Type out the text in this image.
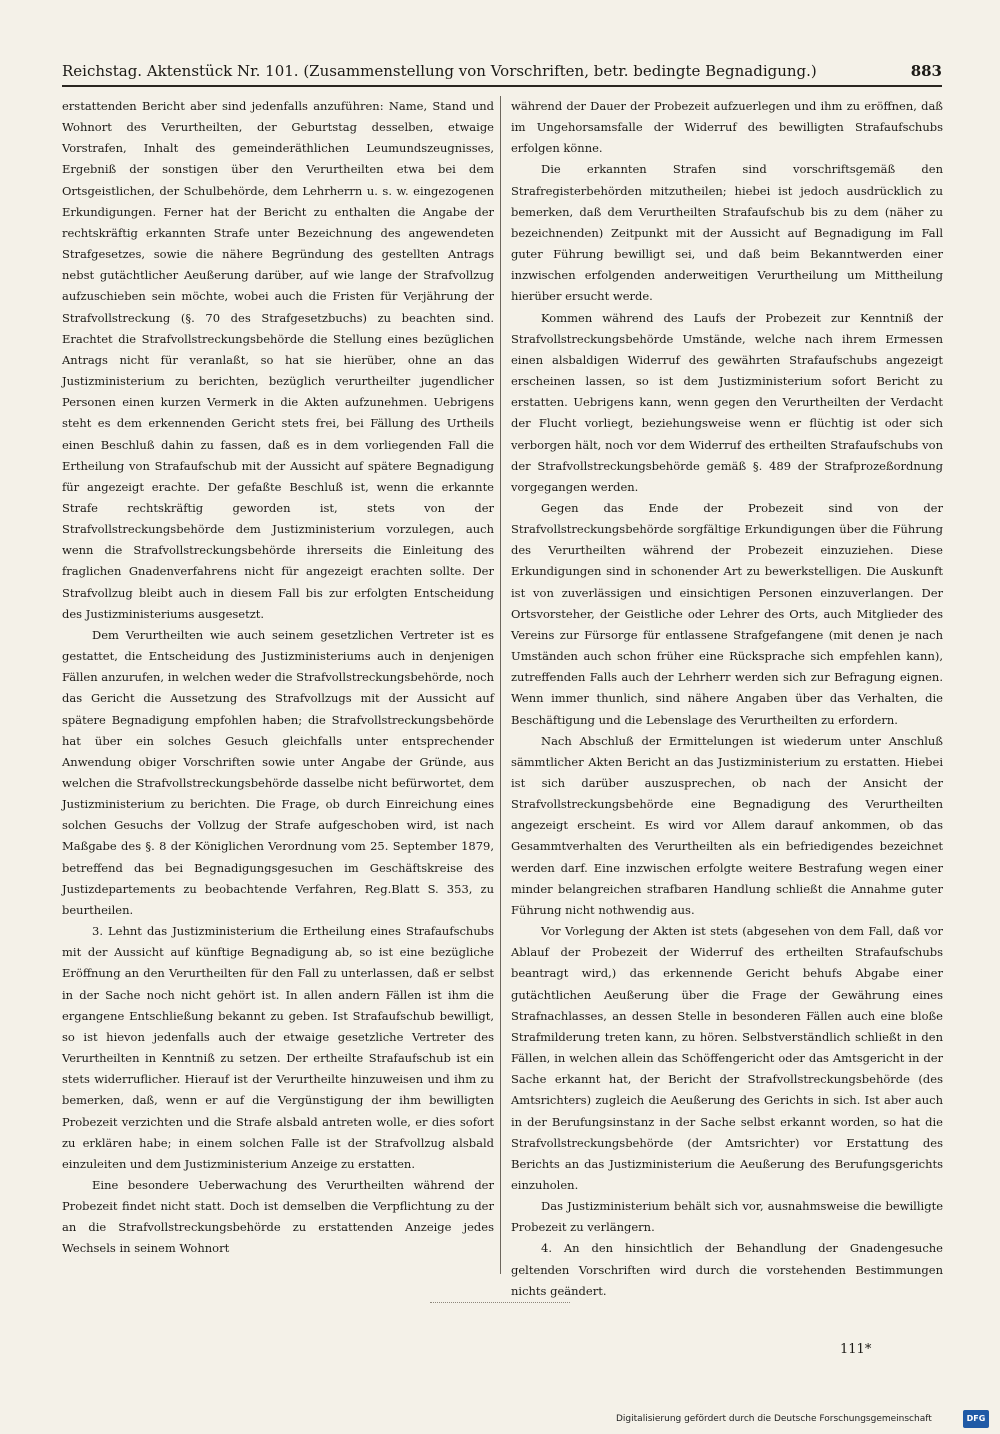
Reichstag. Aktenstück Nr. 101. (Zusammenstellung von Vorschriften, betr. bedingte Begnadigung.)	883

erstattenden Bericht aber sind jedenfalls anzuführen: Name, Stand und Wohnort des Verurtheilten, der Geburtstag desselben, etwaige Vorstrafen, Inhalt des gemeinderäthlichen Leumundszeugnisses, Ergebniß der sonstigen über den Verurtheilten etwa bei dem Ortsgeistlichen, der Schulbehörde, dem Lehrherrn u. s. w. eingezogenen Erkundigungen. Ferner hat der Bericht zu enthalten die Angabe der rechtskräftig erkannten Strafe unter Bezeichnung des angewendeten Strafgesetzes, sowie die nähere Begründung des gestellten Antrags nebst gutächtlicher Aeußerung darüber, auf wie lange der Strafvollzug aufzuschieben sein möchte, wobei auch die Fristen für Verjährung der Strafvollstreckung (§. 70 des Strafgesetzbuchs) zu beachten sind. Erachtet die Strafvollstreckungsbehörde die Stellung eines bezüglichen Antrags nicht für veranlaßt, so hat sie hierüber, ohne an das Justizministerium zu berichten, bezüglich verurtheilter jugendlicher Personen einen kurzen Vermerk in die Akten aufzunehmen. Uebrigens steht es dem erkennenden Gericht stets frei, bei Fällung des Urtheils einen Beschluß dahin zu fassen, daß es in dem vorliegenden Fall die Ertheilung von Strafaufschub mit der Aussicht auf spätere Begnadigung für angezeigt erachte. Der gefaßte Beschluß ist, wenn die erkannte Strafe rechtskräftig geworden ist, stets von der Strafvollstreckungsbehörde dem Justizministerium vorzulegen, auch wenn die Strafvollstreckungsbehörde ihrerseits die Einleitung des fraglichen Gnadenverfahrens nicht für angezeigt erachten sollte. Der Strafvollzug bleibt auch in diesem Fall bis zur erfolgten Entscheidung des Justizministeriums ausgesetzt.

Dem Verurtheilten wie auch seinem gesetzlichen Vertreter ist es gestattet, die Entscheidung des Justizministeriums auch in denjenigen Fällen anzurufen, in welchen weder die Strafvollstreckungsbehörde, noch das Gericht die Aussetzung des Strafvollzugs mit der Aussicht auf spätere Begnadigung empfohlen haben; die Strafvollstreckungsbehörde hat über ein solches Gesuch gleichfalls unter entsprechender Anwendung obiger Vorschriften sowie unter Angabe der Gründe, aus welchen die Strafvollstreckungsbehörde dasselbe nicht befürwortet, dem Justizministerium zu berichten. Die Frage, ob durch Einreichung eines solchen Gesuchs der Vollzug der Strafe aufgeschoben wird, ist nach Maßgabe des §. 8 der Königlichen Verordnung vom 25. September 1879, betreffend das bei Begnadigungsgesuchen im Geschäftskreise des Justizdepartements zu beobachtende Verfahren, Reg.Blatt S. 353, zu beurtheilen.

3. Lehnt das Justizministerium die Ertheilung eines Strafaufschubs mit der Aussicht auf künftige Begnadigung ab, so ist eine bezügliche Eröffnung an den Verurtheilten für den Fall zu unterlassen, daß er selbst in der Sache noch nicht gehört ist. In allen andern Fällen ist ihm die ergangene Entschließung bekannt zu geben. Ist Strafaufschub bewilligt, so ist hievon jedenfalls auch der etwaige gesetzliche Vertreter des Verurtheilten in Kenntniß zu setzen. Der ertheilte Strafaufschub ist ein stets widerruflicher. Hierauf ist der Verurtheilte hinzuweisen und ihm zu bemerken, daß, wenn er auf die Vergünstigung der ihm bewilligten Probezeit verzichten und die Strafe alsbald antreten wolle, er dies sofort zu erklären habe; in einem solchen Falle ist der Strafvollzug alsbald einzuleiten und dem Justizministerium Anzeige zu erstatten.

Eine besondere Ueberwachung des Verurtheilten während der Probezeit findet nicht statt. Doch ist demselben die Verpflichtung zu der an die Strafvollstreckungsbehörde zu erstattenden Anzeige jedes Wechsels in seinem Wohnort

während der Dauer der Probezeit aufzuerlegen und ihm zu eröffnen, daß im Ungehorsamsfalle der Widerruf des bewilligten Strafaufschubs erfolgen könne.

Die erkannten Strafen sind vorschriftsgemäß den Strafregisterbehörden mitzutheilen; hiebei ist jedoch ausdrücklich zu bemerken, daß dem Verurtheilten Strafaufschub bis zu dem (näher zu bezeichnenden) Zeitpunkt mit der Aussicht auf Begnadigung im Fall guter Führung bewilligt sei, und daß beim Bekanntwerden einer inzwischen erfolgenden anderweitigen Verurtheilung um Mittheilung hierüber ersucht werde.

Kommen während des Laufs der Probezeit zur Kenntniß der Strafvollstreckungsbehörde Umstände, welche nach ihrem Ermessen einen alsbaldigen Widerruf des gewährten Strafaufschubs angezeigt erscheinen lassen, so ist dem Justizministerium sofort Bericht zu erstatten. Uebrigens kann, wenn gegen den Verurtheilten der Verdacht der Flucht vorliegt, beziehungsweise wenn er flüchtig ist oder sich verborgen hält, noch vor dem Widerruf des ertheilten Strafaufschubs von der Strafvollstreckungsbehörde gemäß §. 489 der Strafprozeßordnung vorgegangen werden.

Gegen das Ende der Probezeit sind von der Strafvollstreckungsbehörde sorgfältige Erkundigungen über die Führung des Verurtheilten während der Probezeit einzuziehen. Diese Erkundigungen sind in schonender Art zu bewerkstelligen. Die Auskunft ist von zuverlässigen und einsichtigen Personen einzuverlangen. Der Ortsvorsteher, der Geistliche oder Lehrer des Orts, auch Mitglieder des Vereins zur Fürsorge für entlassene Strafgefangene (mit denen je nach Umständen auch schon früher eine Rücksprache sich empfehlen kann), zutreffenden Falls auch der Lehrherr werden sich zur Befragung eignen. Wenn immer thunlich, sind nähere Angaben über das Verhalten, die Beschäftigung und die Lebenslage des Verurtheilten zu erfordern.

Nach Abschluß der Ermittelungen ist wiederum unter Anschluß sämmtlicher Akten Bericht an das Justizministerium zu erstatten. Hiebei ist sich darüber auszusprechen, ob nach der Ansicht der Strafvollstreckungsbehörde eine Begnadigung des Verurtheilten angezeigt erscheint. Es wird vor Allem darauf ankommen, ob das Gesammtverhalten des Verurtheilten als ein befriedigendes bezeichnet werden darf. Eine inzwischen erfolgte weitere Bestrafung wegen einer minder belangreichen strafbaren Handlung schließt die Annahme guter Führung nicht nothwendig aus.

Vor Vorlegung der Akten ist stets (abgesehen von dem Fall, daß vor Ablauf der Probezeit der Widerruf des ertheilten Strafaufschubs beantragt wird,) das erkennende Gericht behufs Abgabe einer gutächtlichen Aeußerung über die Frage der Gewährung eines Strafnachlasses, an dessen Stelle in besonderen Fällen auch eine bloße Strafmilderung treten kann, zu hören. Selbstverständlich schließt in den Fällen, in welchen allein das Schöffengericht oder das Amtsgericht in der Sache erkannt hat, der Bericht der Strafvollstreckungsbehörde (des Amtsrichters) zugleich die Aeußerung des Gerichts in sich. Ist aber auch in der Berufungsinstanz in der Sache selbst erkannt worden, so hat die Strafvollstreckungsbehörde (der Amtsrichter) vor Erstattung des Berichts an das Justizministerium die Aeußerung des Berufungsgerichts einzuholen.

Das Justizministerium behält sich vor, ausnahmsweise die bewilligte Probezeit zu verlängern.

4. An den hinsichtlich der Behandlung der Gnadengesuche geltenden Vorschriften wird durch die vorstehenden Bestimmungen nichts geändert.

111*
Digitalisierung gefördert durch die Deutsche Forschungsgemeinschaft	DFG
